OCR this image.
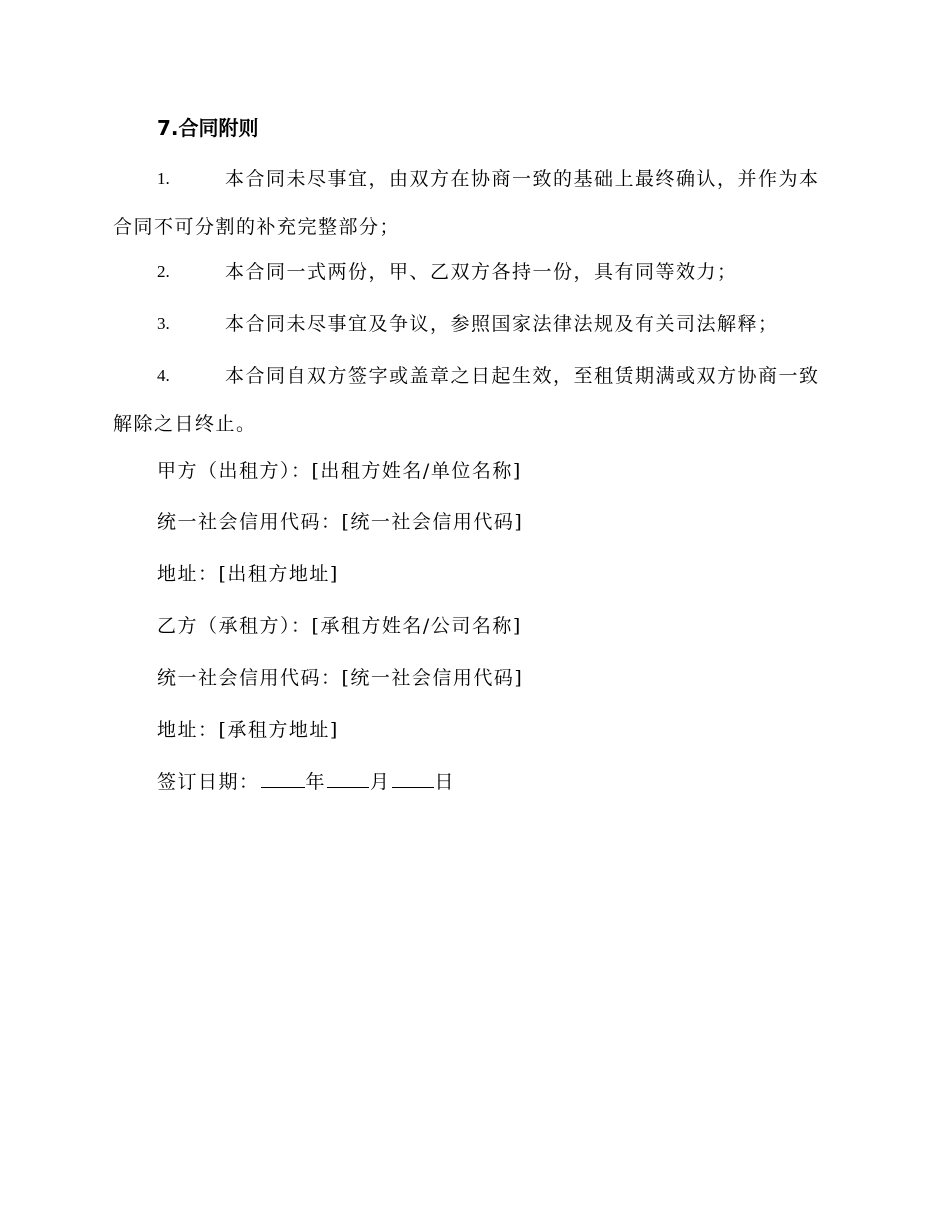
7.合同附则
1.	本合同未尽事宜，由双方在协商一致的基础上最终确认，并作为本合同不可分割的补充完整部分；
2.	本合同一式两份，甲、乙双方各持一份，具有同等效力；
3.	本合同未尽事宜及争议，参照国家法律法规及有关司法解释；
4.	本合同自双方签字或盖章之日起生效，至租赁期满或双方协商一致解除之日终止。
甲方（出租方）：[出租方姓名/单位名称]
统一社会信用代码：[统一社会信用代码]
地址：[出租方地址]
乙方（承租方）：[承租方姓名/公司名称]
统一社会信用代码：[统一社会信用代码]
地址：[承租方地址]
签订日期： 年 月 日
